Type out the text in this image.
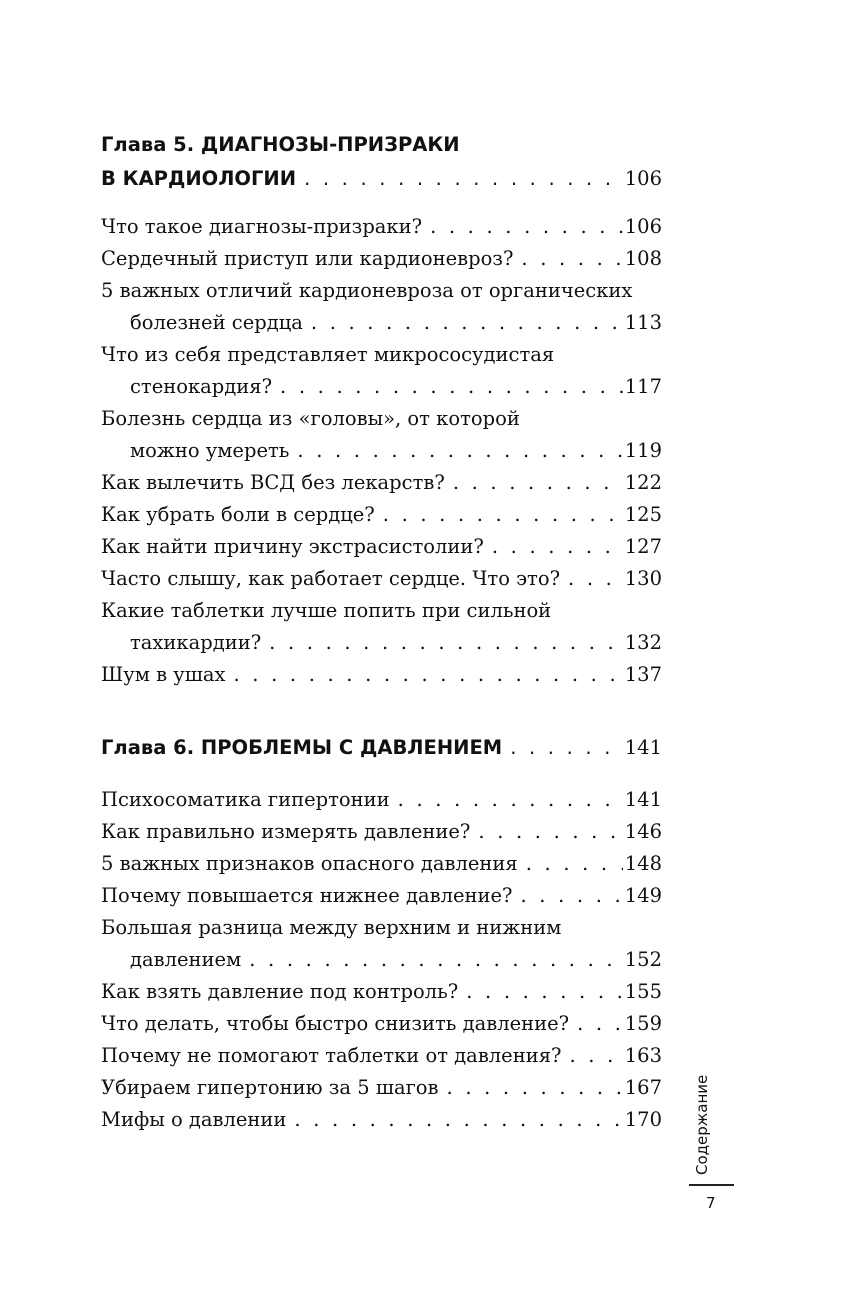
Глава 5. ДИАГНОЗЫ-ПРИЗРАКИ
В КАРДИОЛОГИИ . . .	106
Что такое диагнозы-призраки? . . .	106
Сердечный приступ или кардионевроз? . . .	108
5 важных отличий кардионевроза от органических
болезней сердца . . .	113
Что из себя представляет микрососудистая
стенокардия? . . .	117
Болезнь сердца из «головы», от которой
можно умереть . . .	119
Как вылечить ВСД без лекарств? . . .	122
Как убрать боли в сердце? . . .	125
Как найти причину экстрасистолии? . . .	127
Часто слышу, как работает сердце. Что это? . . .	130
Какие таблетки лучше попить при сильной
тахикардии? . . .	132
Шум в ушах . . .	137
Глава 6. ПРОБЛЕМЫ С ДАВЛЕНИЕМ . . .	141
Психосоматика гипертонии . . .	141
Как правильно измерять давление? . . .	146
5 важных признаков опасного давления . . .	148
Почему повышается нижнее давление? . . .	149
Большая разница между верхним и нижним
давлением . . .	152
Как взять давление под контроль? . . .	155
Что делать, чтобы быстро снизить давление? . . .	159
Почему не помогают таблетки от давления? . . .	163
Убираем гипертонию за 5 шагов . . .	167
Мифы о давлении . . .	170 Содержание
7
